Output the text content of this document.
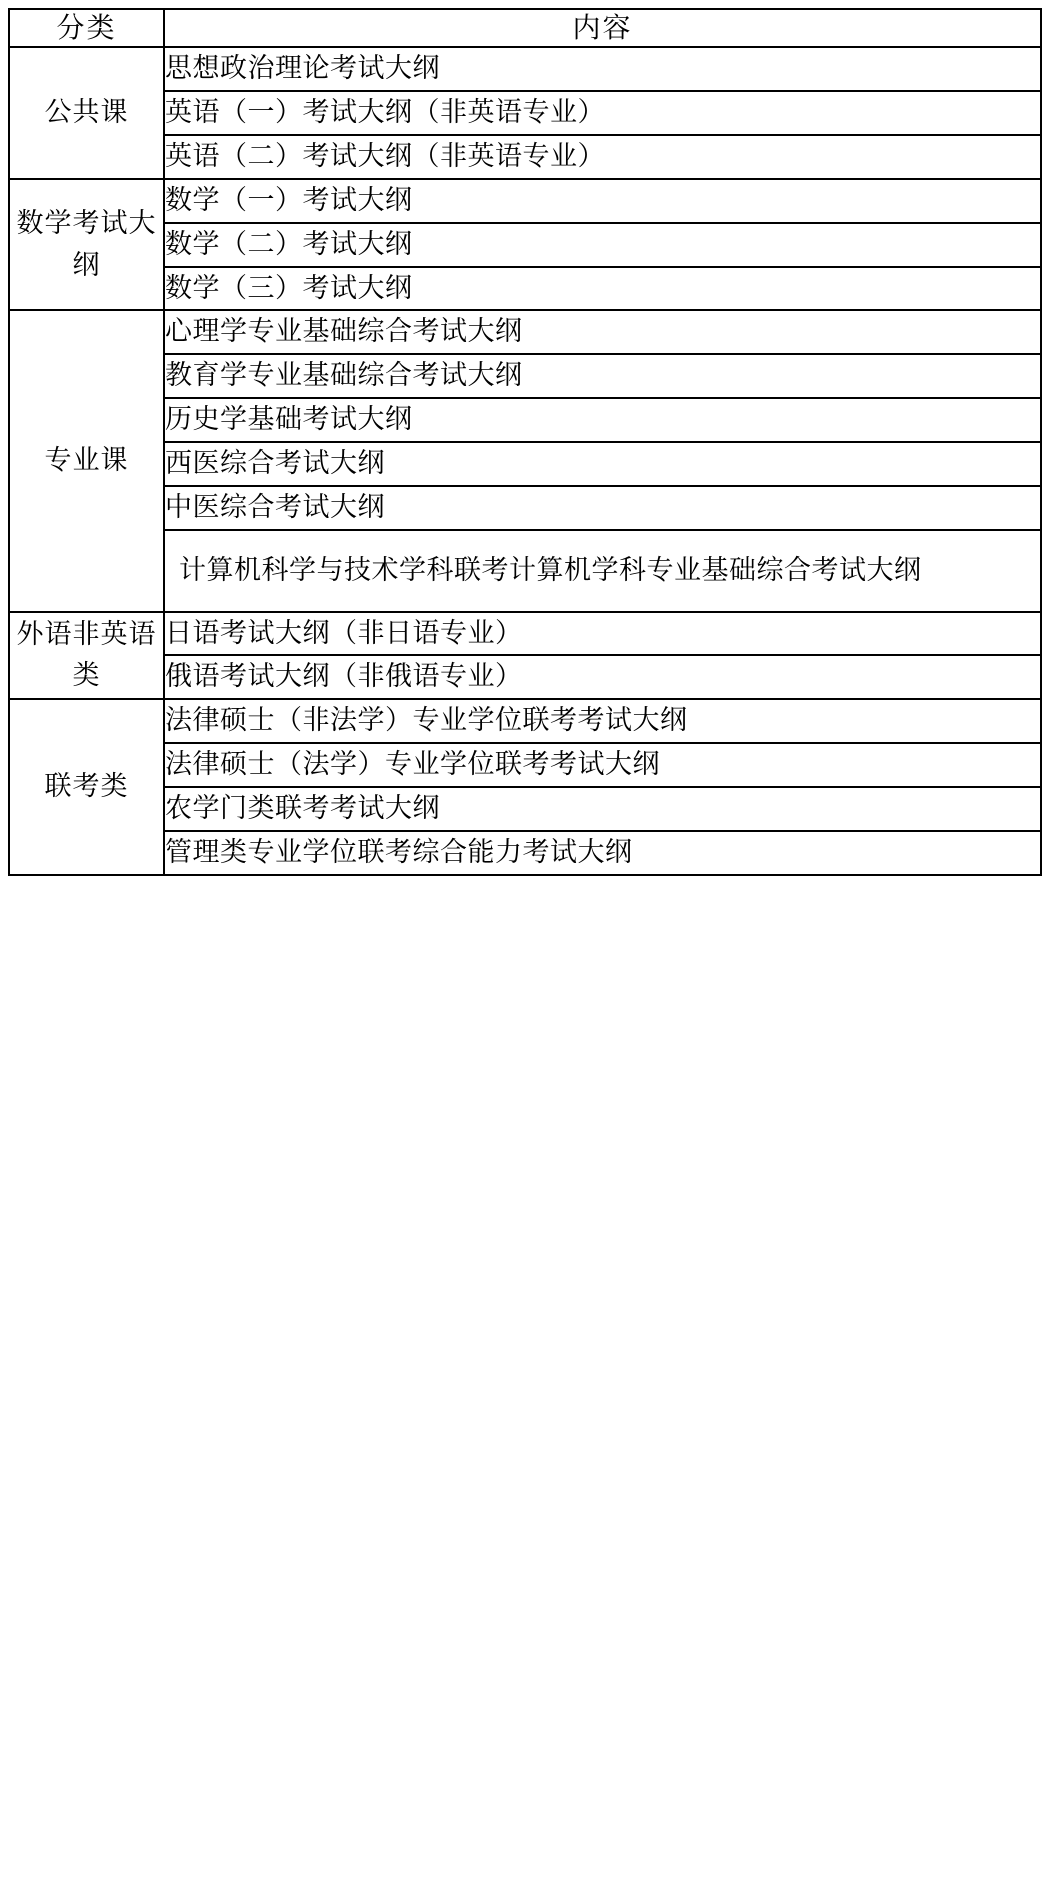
分类	内容
公共课	思想政治理论考试大纲
	英语（一）考试大纲（非英语专业）
	英语（二）考试大纲（非英语专业）
数学考试大纲	数学（一）考试大纲
	数学（二）考试大纲
	数学（三）考试大纲
专业课	心理学专业基础综合考试大纲
	教育学专业基础综合考试大纲
	历史学基础考试大纲
	西医综合考试大纲
	中医综合考试大纲
	计算机科学与技术学科联考计算机学科专业基础综合考试大纲
外语非英语类	日语考试大纲（非日语专业）
	俄语考试大纲（非俄语专业）
联考类	法律硕士（非法学）专业学位联考考试大纲
	法律硕士（法学）专业学位联考考试大纲
	农学门类联考考试大纲
	管理类专业学位联考综合能力考试大纲
